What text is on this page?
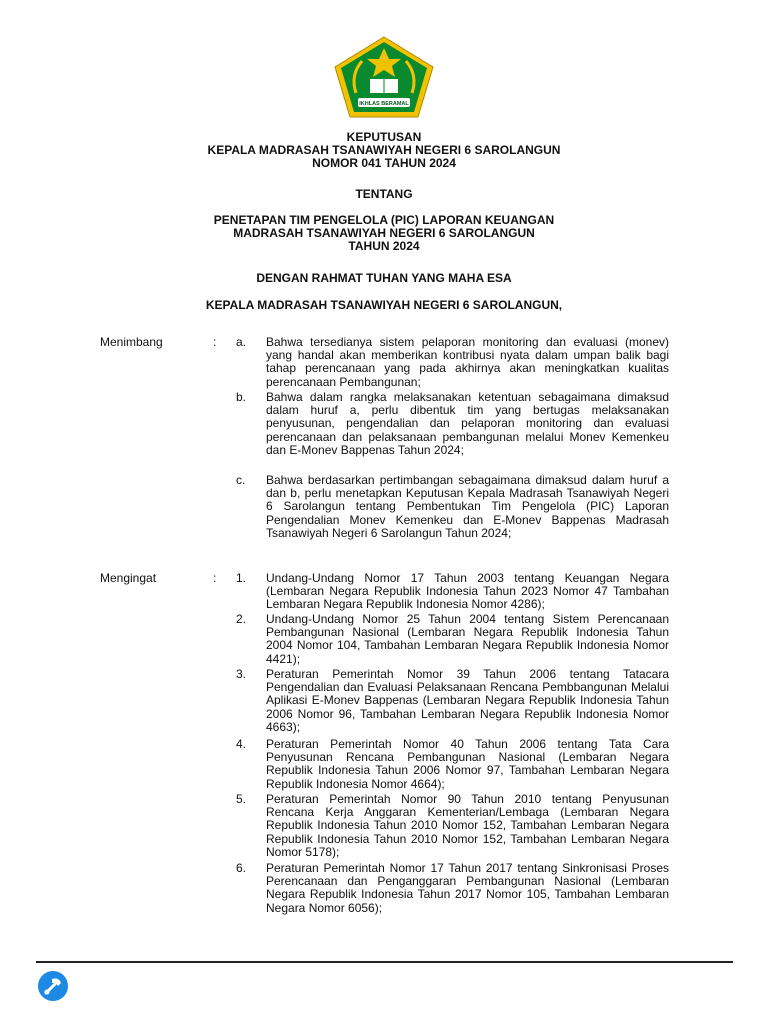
IKHLAS BERAMAL
KEPUTUSAN
KEPALA MADRASAH TSANAWIYAH NEGERI 6 SAROLANGUN
NOMOR 041 TAHUN 2024
TENTANG
PENETAPAN TIM PENGELOLA (PIC) LAPORAN KEUANGAN
MADRASAH TSANAWIYAH NEGERI 6 SAROLANGUN
TAHUN 2024
DENGAN RAHMAT TUHAN YANG MAHA ESA
KEPALA MADRASAH TSANAWIYAH NEGERI 6 SAROLANGUN,
Menimbang	: a. Bahwa tersedianya sistem pelaporan monitoring dan evaluasi (monev) yang handal akan memberikan kontribusi nyata dalam umpan balik bagi tahap perencanaan yang pada akhirnya akan meningkatkan kualitas perencanaan Pembangunan;
b. Bahwa dalam rangka melaksanakan ketentuan sebagaimana dimaksud dalam huruf a, perlu dibentuk tim yang bertugas melaksanakan penyusunan, pengendalian dan pelaporan monitoring dan evaluasi perencanaan dan pelaksanaan pembangunan melalui Monev Kemenkeu dan E-Monev Bappenas Tahun 2024;
c. Bahwa berdasarkan pertimbangan sebagaimana dimaksud dalam huruf a dan b, perlu menetapkan Keputusan Kepala Madrasah Tsanawiyah Negeri 6 Sarolangun tentang Pembentukan Tim Pengelola (PIC) Laporan Pengendalian Monev Kemenkeu dan E-Monev Bappenas Madrasah Tsanawiyah Negeri 6 Sarolangun Tahun 2024;
Mengingat	: 1. Undang-Undang Nomor 17 Tahun 2003 tentang Keuangan Negara (Lembaran Negara Republik Indonesia Tahun 2023 Nomor 47 Tambahan Lembaran Negara Republik Indonesia Nomor 4286);
2. Undang-Undang Nomor 25 Tahun 2004 tentang Sistem Perencanaan Pembangunan Nasional (Lembaran Negara Republik Indonesia Tahun 2004 Nomor 104, Tambahan Lembaran Negara Republik Indonesia Nomor 4421);
3. Peraturan Pemerintah Nomor 39 Tahun 2006 tentang Tatacara Pengendalian dan Evaluasi Pelaksanaan Rencana Pembbangunan Melalui Aplikasi E-Monev Bappenas (Lembaran Negara Republik Indonesia Tahun 2006 Nomor 96, Tambahan Lembaran Negara Republik Indonesia Nomor 4663);
4. Peraturan Pemerintah Nomor 40 Tahun 2006 tentang Tata Cara Penyusunan Rencana Pembangunan Nasional (Lembaran Negara Republik Indonesia Tahun 2006 Nomor 97, Tambahan Lembaran Negara Republik Indonesia Nomor 4664);
5. Peraturan Pemerintah Nomor 90 Tahun 2010 tentang Penyusunan Rencana Kerja Anggaran Kementerian/Lembaga (Lembaran Negara Republik Indonesia Tahun 2010 Nomor 152, Tambahan Lembaran Negara Republik Indonesia Tahun 2010 Nomor 152, Tambahan Lembaran Negara Nomor 5178);
6. Peraturan Pemerintah Nomor 17 Tahun 2017 tentang Sinkronisasi Proses Perencanaan dan Penganggaran Pembangunan Nasional (Lembaran Negara Republik Indonesia Tahun 2017 Nomor 105, Tambahan Lembaran Negara Nomor 6056);
